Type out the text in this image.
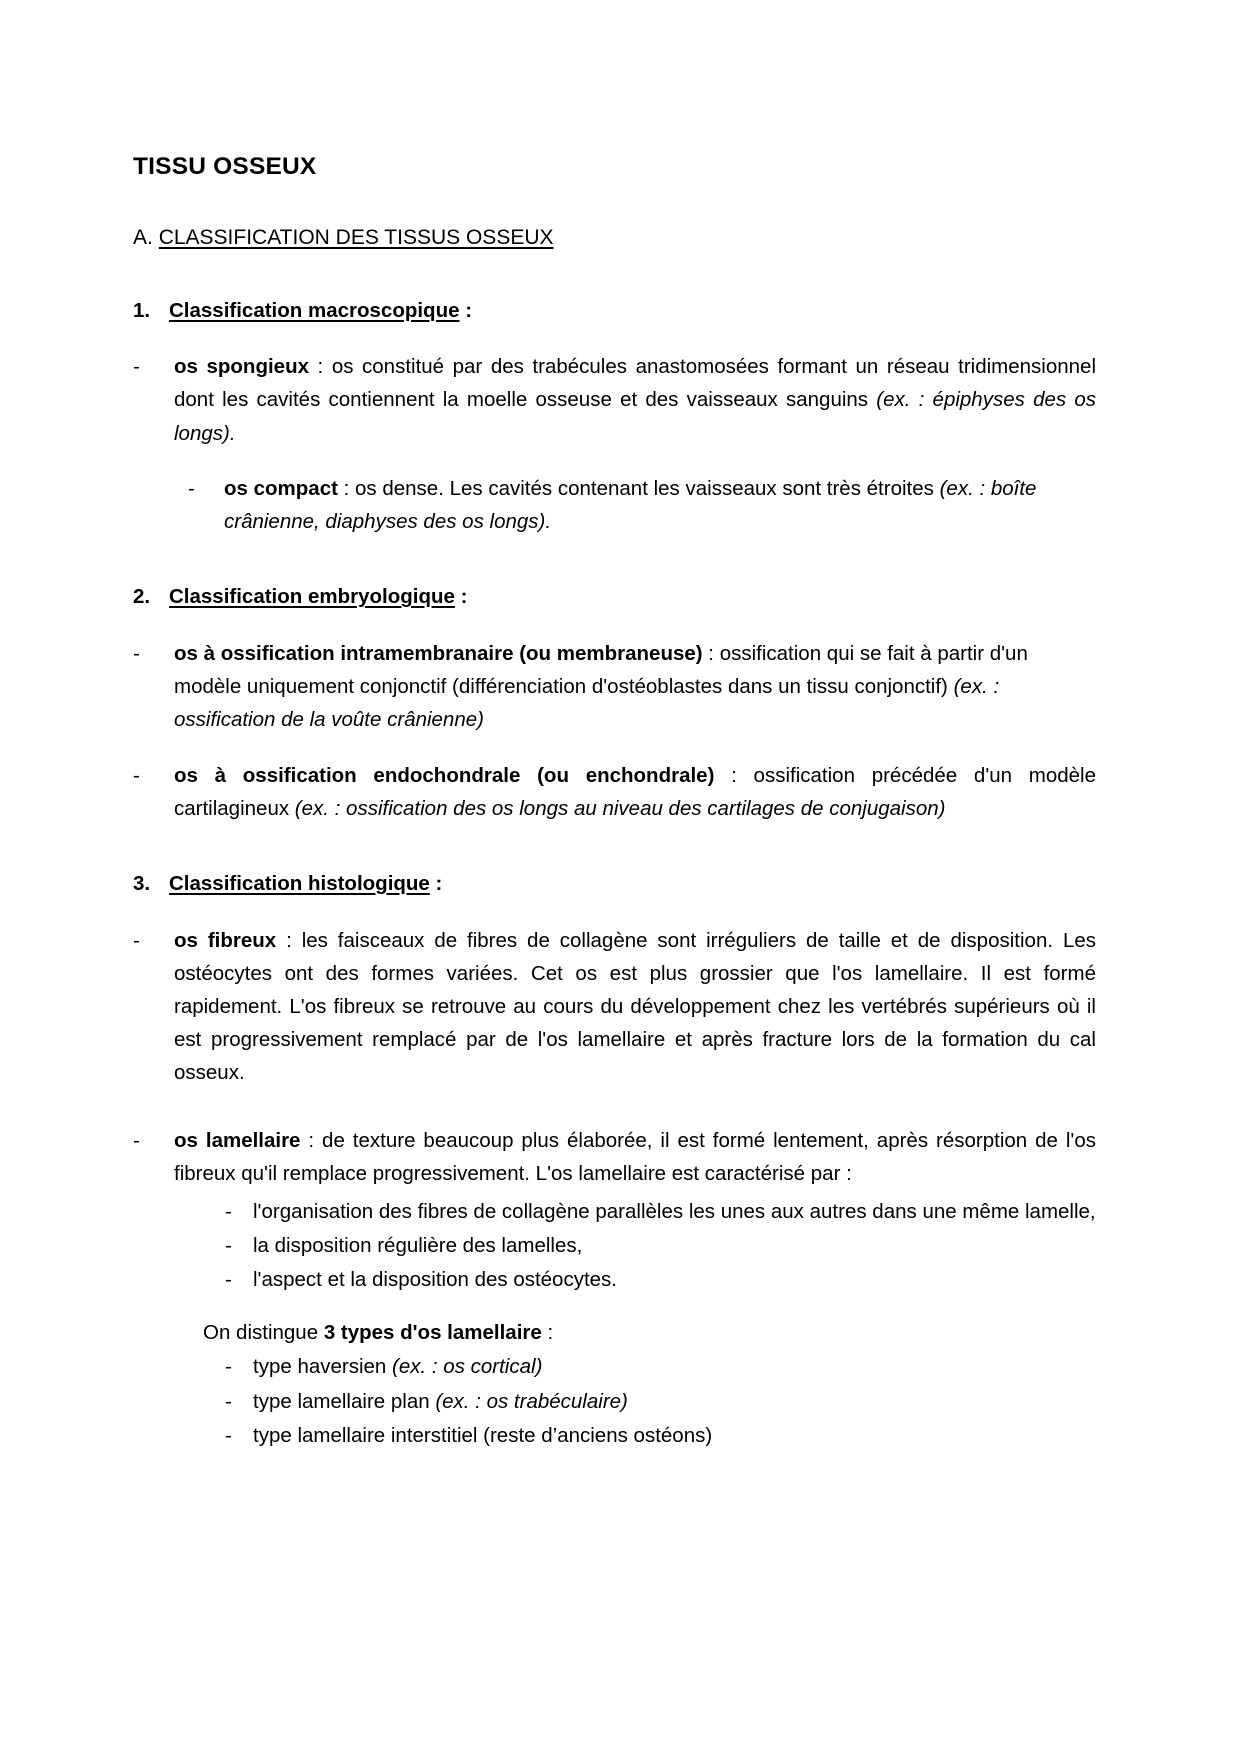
TISSU OSSEUX
A. CLASSIFICATION DES TISSUS OSSEUX
1. Classification macroscopique :
-	os spongieux : os constitué par des trabécules anastomosées formant un réseau tridimensionnel dont les cavités contiennent la moelle osseuse et des vaisseaux sanguins (ex. : épiphyses des os longs).
-	os compact : os dense. Les cavités contenant les vaisseaux sont très étroites (ex. : boîte crânienne, diaphyses des os longs).
2. Classification embryologique :
-	os à ossification intramembranaire (ou membraneuse) : ossification qui se fait à partir d'un modèle uniquement conjonctif (différenciation d'ostéoblastes dans un tissu conjonctif) (ex. : ossification de la voûte crânienne)
-	os à ossification endochondrale (ou enchondrale) : ossification précédée d'un modèle cartilagineux (ex. : ossification des os longs au niveau des cartilages de conjugaison)
3. Classification histologique :
-	os fibreux : les faisceaux de fibres de collagène sont irréguliers de taille et de disposition. Les ostéocytes ont des formes variées. Cet os est plus grossier que l'os lamellaire. Il est formé rapidement. L'os fibreux se retrouve au cours du développement chez les vertébrés supérieurs où il est progressivement remplacé par de l'os lamellaire et après fracture lors de la formation du cal osseux.
-	os lamellaire : de texture beaucoup plus élaborée, il est formé lentement, après résorption de l'os fibreux qu'il remplace progressivement. L'os lamellaire est caractérisé par :
-	l'organisation des fibres de collagène parallèles les unes aux autres dans une même lamelle,
-	la disposition régulière des lamelles,
-	l'aspect et la disposition des ostéocytes.
On distingue 3 types d'os lamellaire :
-	type haversien (ex. : os cortical)
-	type lamellaire plan (ex. : os trabéculaire)
-	type lamellaire interstitiel (reste d’anciens ostéons)
